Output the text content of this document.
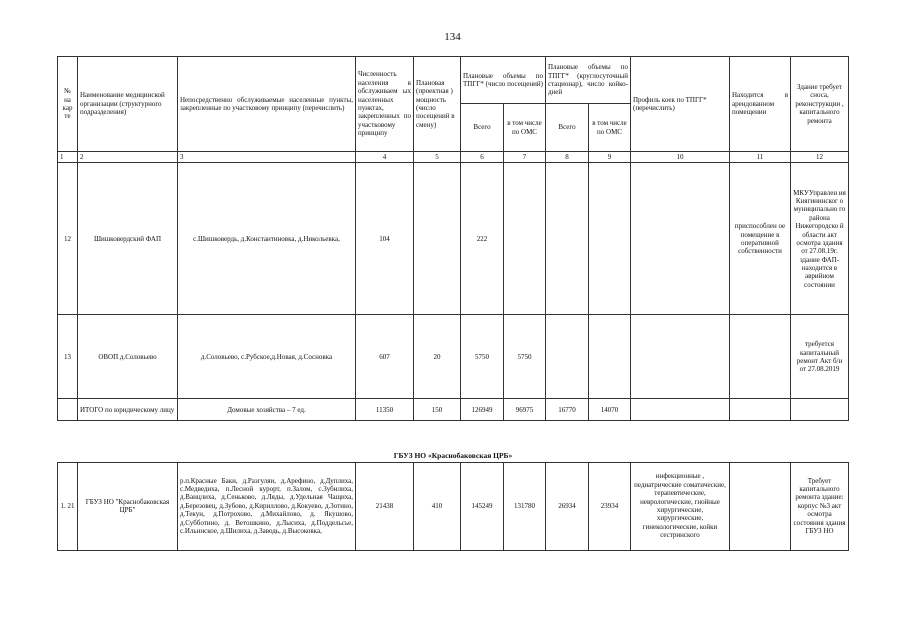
134
№ на кар те	Наименование медицинской организации (структурного подразделения)	Непосредственно обслуживаемые населенные пункты, закрепленные по участковому принципу (перечислить)	Численность населения в обслуживаем ых населенных пунктах, закрепленных по участковому принципу	Плановая (проектная ) мощность (число посещений в смену)	Плановые объемы по ТПГГ* (число посещений)		Плановые объемы по ТПГГ* (круглосуточный стационар), число койко-дней		Профиль коек по ТПГГ* (перечислить)	Находится в арендованном помещении	Здание требует сноса, реконструкции , капитального ремонта
					Всего	в том числе по ОМС	Всего	в том числе по ОМС			
1	2	3	4	5	6	7	8	9	10	11	12
12	Шишковердский ФАП	с.Шишковердь, д.Константиновка, д.Никольевка,	104		222					приспособлен ое помещение в оперативной собственности	МКУУправлен ия Княгининског о муниципально го района Нижегородско й области акт осмотра здания от 27.08.19г. здание ФАП-находится в аврийном состоянии
13	ОВОП д.Соловьево	д.Соловьево, с.Рубское,д.Новая, д.Сосновка	607	20	5750	5750					требуется капитальный ремонт Акт б/н от 27.08.2019
	ИТОГО по юридическому лицу	Домовые хозяйства – 7 ед.	11350	150	126949	96975	16770	14070			
ГБУЗ НО «Краснобаковская ЦРБ»
1. 21	ГБУЗ НО "Краснобаковская ЦРБ"	р.п.Красные Баки, д.Разгуляи, д.Арефино, д.Дуплиха, с.Медведиха, п.Лесной курорт, п.Залом, с.Зубилиха, д.Ванцлиха, д.Сеньково, д.Ляды, д.Удельная Чащиха, д.Березовец, д.Зубово, д.Кириллово, д.Кокуево, д.Зотино, д.Текун, д.Потрохово, д.Михайлово, д. Якушово, д.Субботино, д. Ветошкино, д.Лысиха, д.Поддельсье, с.Ильинское, д.Шилиха, д.Заводь, д.Высоковка,	21438	410	145249	131780	26934	23934	инфекционные , педиатрические соматические, терапевтические, неврологические, гнойные хирургические, хирургические, гинекологические, койки сестринского		Требует капитального ремонта здание: корпус №3 акт осмотра состояния здания ГБУЗ НО
